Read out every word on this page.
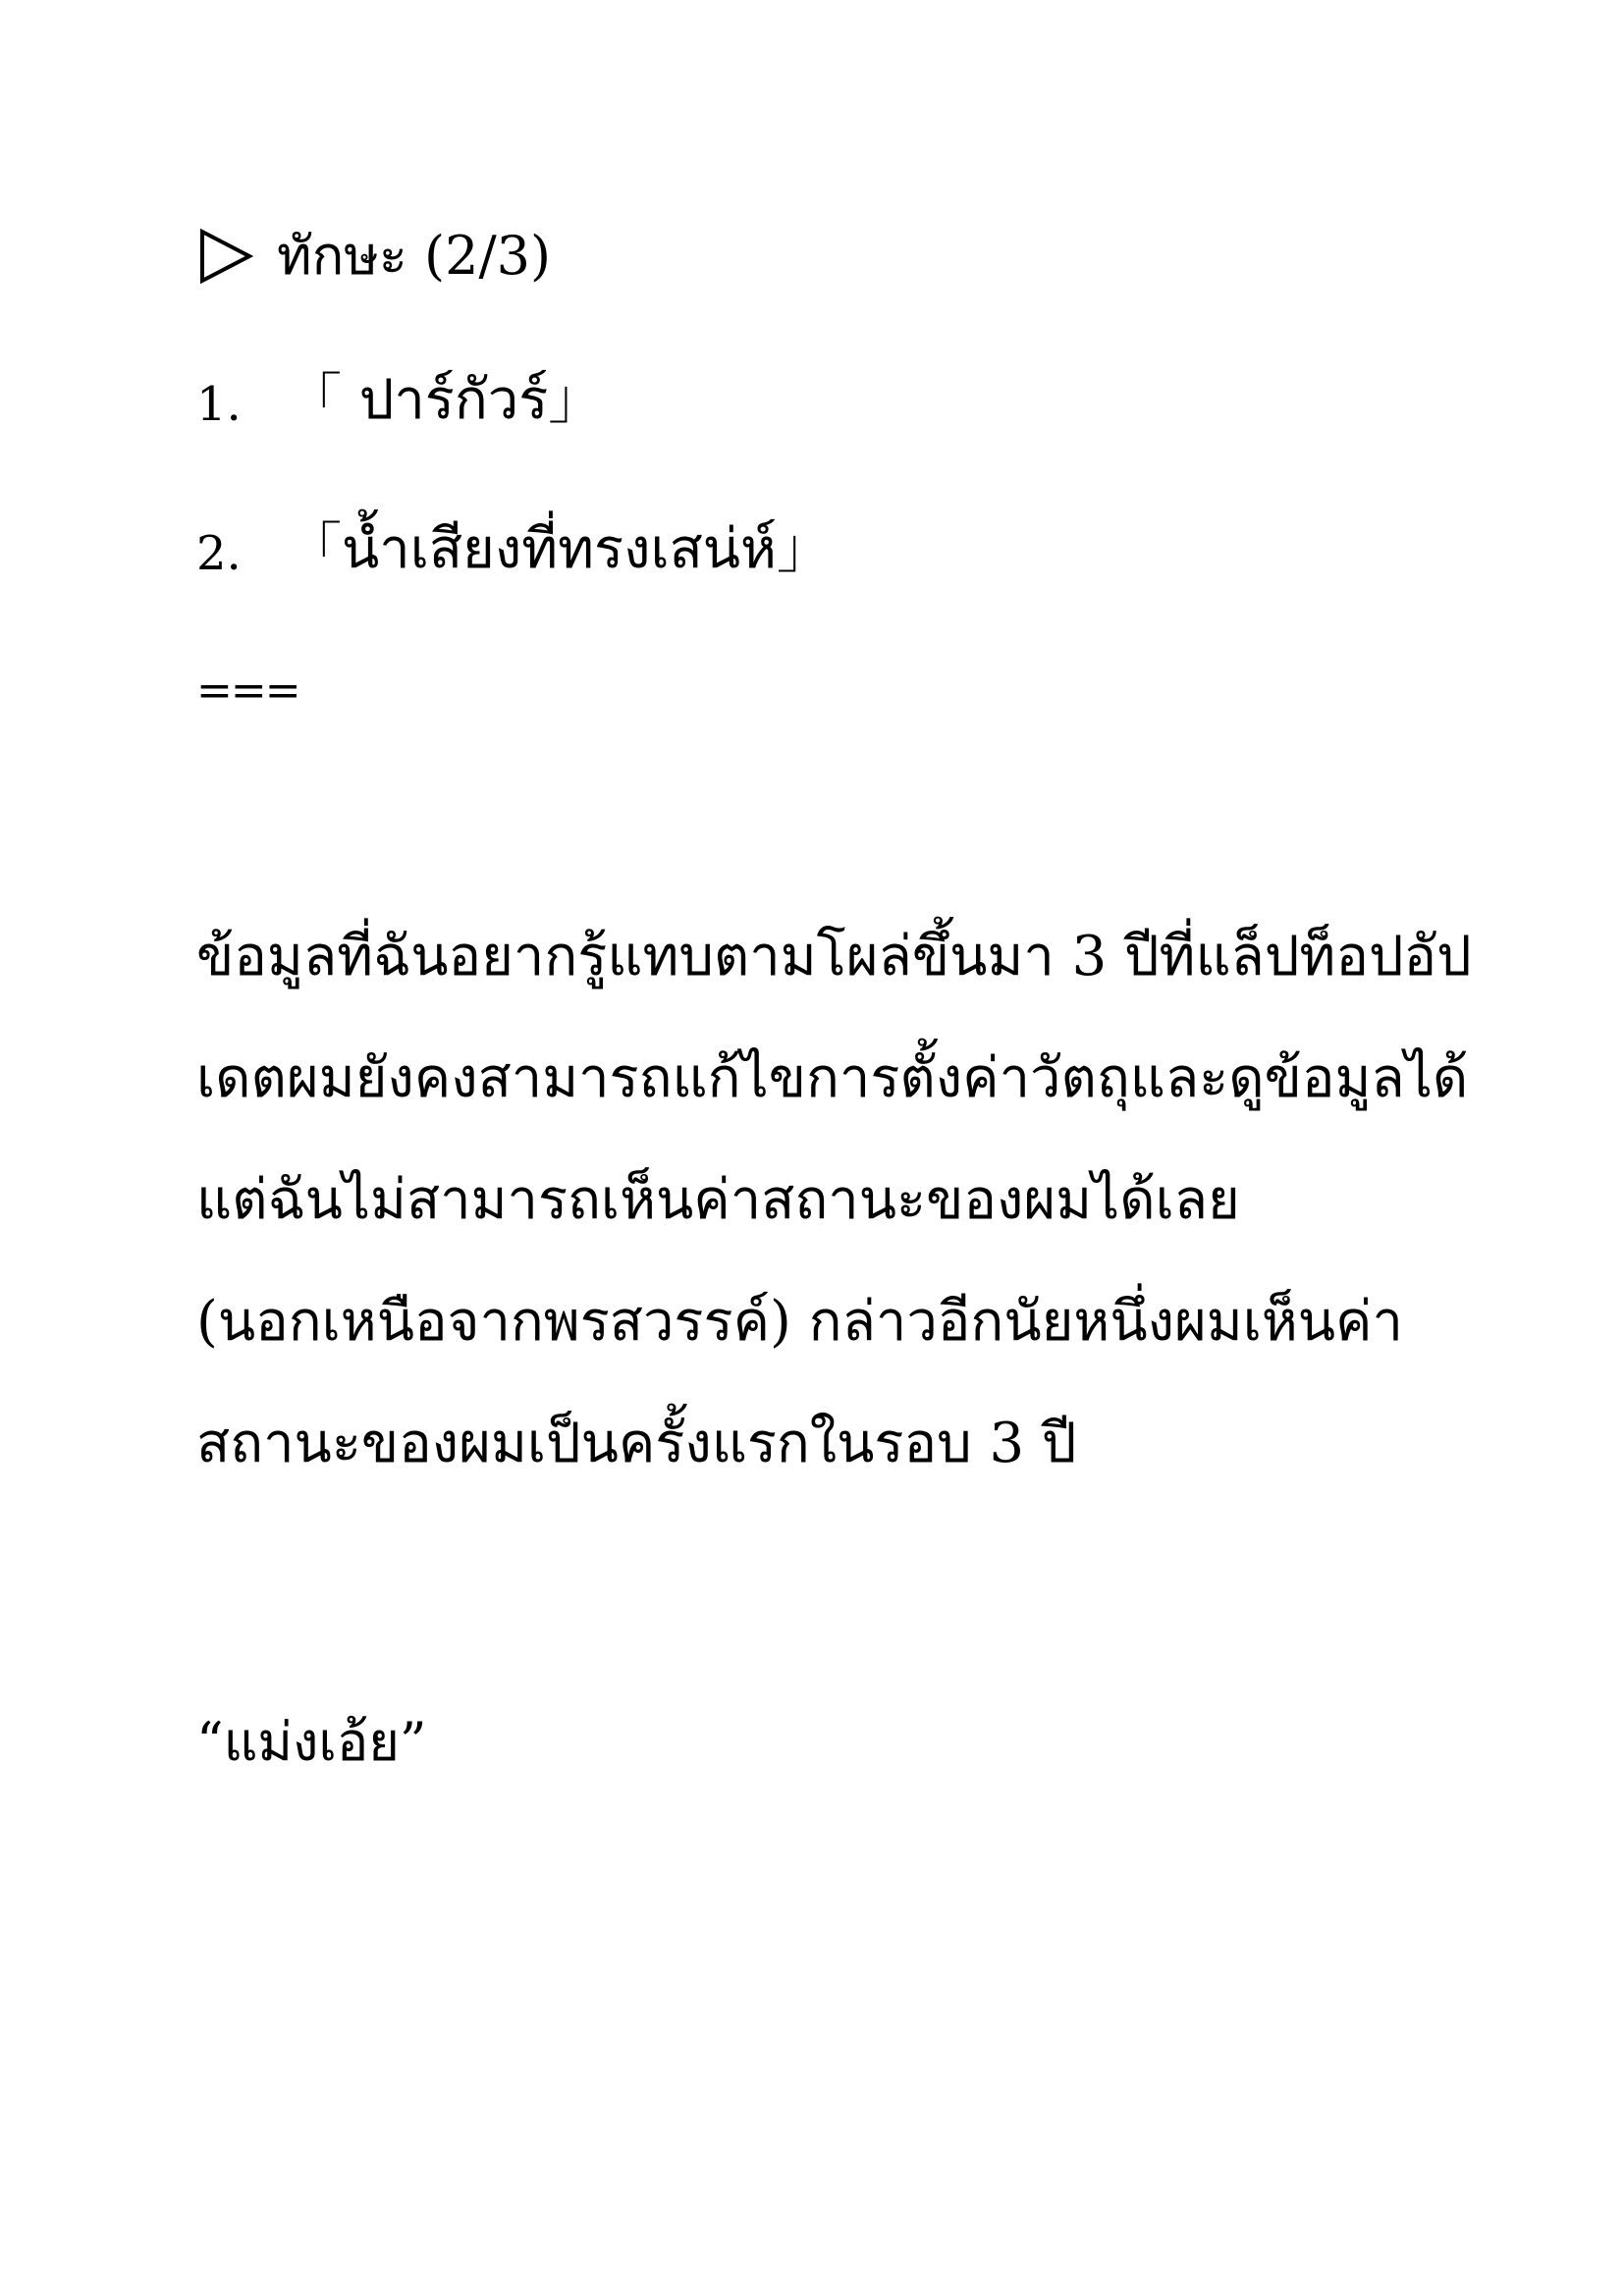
ทักษะ (2/3)
1. 「 ปาร์กัวร์」
2. 「น้ำเสียงที่ทรงเสน่ห์」
===

ข้อมูลที่ฉันอยากรู้แทบตามโผล่ขึ้นมา 3 ปีที่แล็ปท็อปอัป
เดตผมยังคงสามารถแก้ไขการตั้งค่าวัตถุและดูข้อมูลได้
แต่ฉันไม่สามารถเห็นค่าสถานะของผมได้เลย
(นอกเหนือจากพรสวรรค์) กล่าวอีกนัยหนึ่งผมเห็นค่า
สถานะของผมเป็นครั้งแรกในรอบ 3 ปี

“แม่งเอ้ย”
